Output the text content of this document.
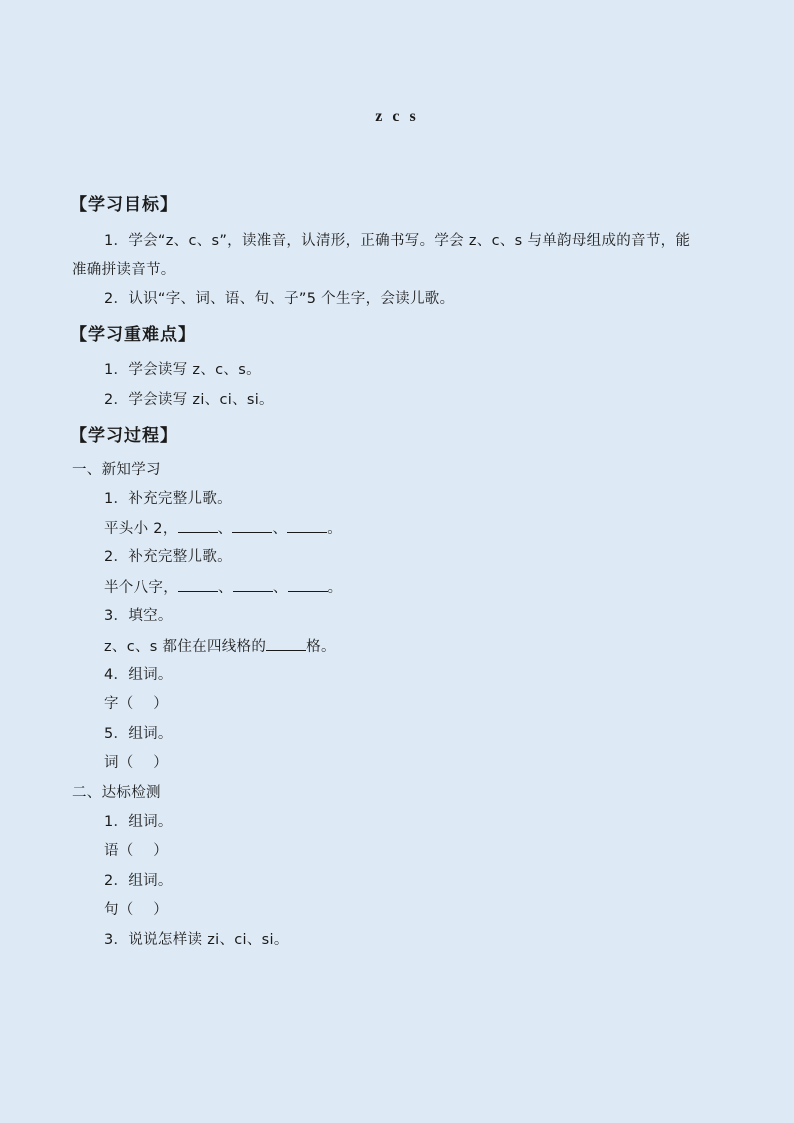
z c s
【学习目标】
1．学会“z、c、s”，读准音，认清形，正确书写。学会 z、c、s 与单韵母组成的音节，能
准确拼读音节。
2．认识“字、词、语、句、子”5 个生字，会读儿歌。
【学习重难点】
1．学会读写 z、c、s。
2．学会读写 zi、ci、si。
【学习过程】
一、新知学习
1．补充完整儿歌。
平头小 2，	、	、	。
2．补充完整儿歌。
半个八字，	、	、	。
3．填空。
z、c、s 都住在四线格的	格。
4．组词。
字（    ）
5．组词。
词（    ）
二、达标检测
1．组词。
语（    ）
2．组词。
句（    ）
3．说说怎样读 zi、ci、si。
